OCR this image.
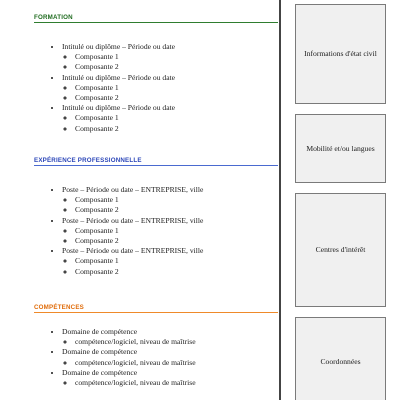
FORMATION
• Intitulé ou diplôme – Période ou date
◦ Composante 1
◦ Composante 2
• Intitulé ou diplôme – Période ou date
◦ Composante 1
◦ Composante 2
• Intitulé ou diplôme – Période ou date
◦ Composante 1
◦ Composante 2
EXPÉRIENCE PROFESSIONNELLE
• Poste – Période ou date – ENTREPRISE, ville
◦ Composante 1
◦ Composante 2
• Poste – Période ou date – ENTREPRISE, ville
◦ Composante 1
◦ Composante 2
• Poste – Période ou date – ENTREPRISE, ville
◦ Composante 1
◦ Composante 2
COMPÉTENCES
• Domaine de compétence
◦ compétence/logiciel, niveau de maîtrise
• Domaine de compétence
◦ compétence/logiciel, niveau de maîtrise
• Domaine de compétence
◦ compétence/logiciel, niveau de maîtrise
Informations d'état civil
Mobilité et/ou langues
Centres d'intérêt
Coordonnées
